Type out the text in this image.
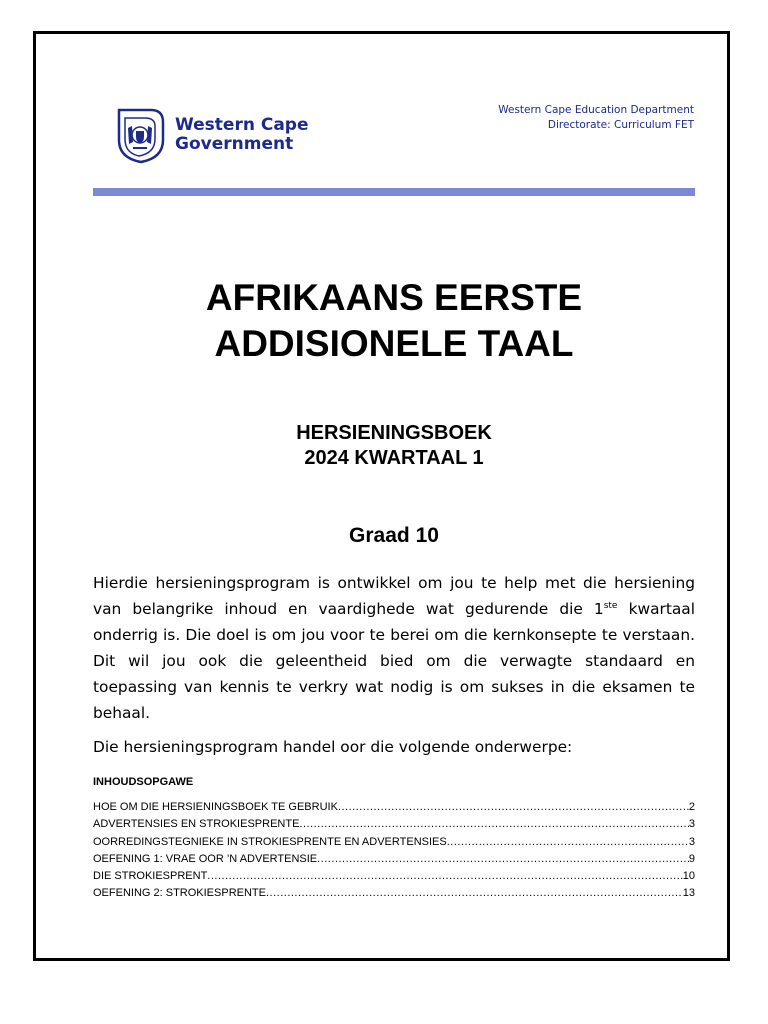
Western Cape
Government
Western Cape Education Department
Directorate: Curriculum FET
AFRIKAANS EERSTE
ADDISIONELE TAAL
HERSIENINGSBOEK
2024 KWARTAAL 1
Graad 10
Hierdie hersieningsprogram is ontwikkel om jou te help met die hersiening van belangrike inhoud en vaardighede wat gedurende die 1ste kwartaal onderrig is. Die doel is om jou voor te berei om die kernkonsepte te verstaan. Dit wil jou ook die geleentheid bied om die verwagte standaard en toepassing van kennis te verkry wat nodig is om sukses in die eksamen te behaal.
Die hersieningsprogram handel oor die volgende onderwerpe:
INHOUDSOPGAWE
HOE OM DIE HERSIENINGSBOEK TE GEBRUIK .....	2
ADVERTENSIES EN STROKIESPRENTE .....	3
OORREDINGSTEGNIEKE IN STROKIESPRENTE EN ADVERTENSIES .....	3
OEFENING 1: VRAE OOR ’N ADVERTENSIE .....	9
DIE STROKIESPRENT .....	10
OEFENING 2: STROKIESPRENTE .....	13
